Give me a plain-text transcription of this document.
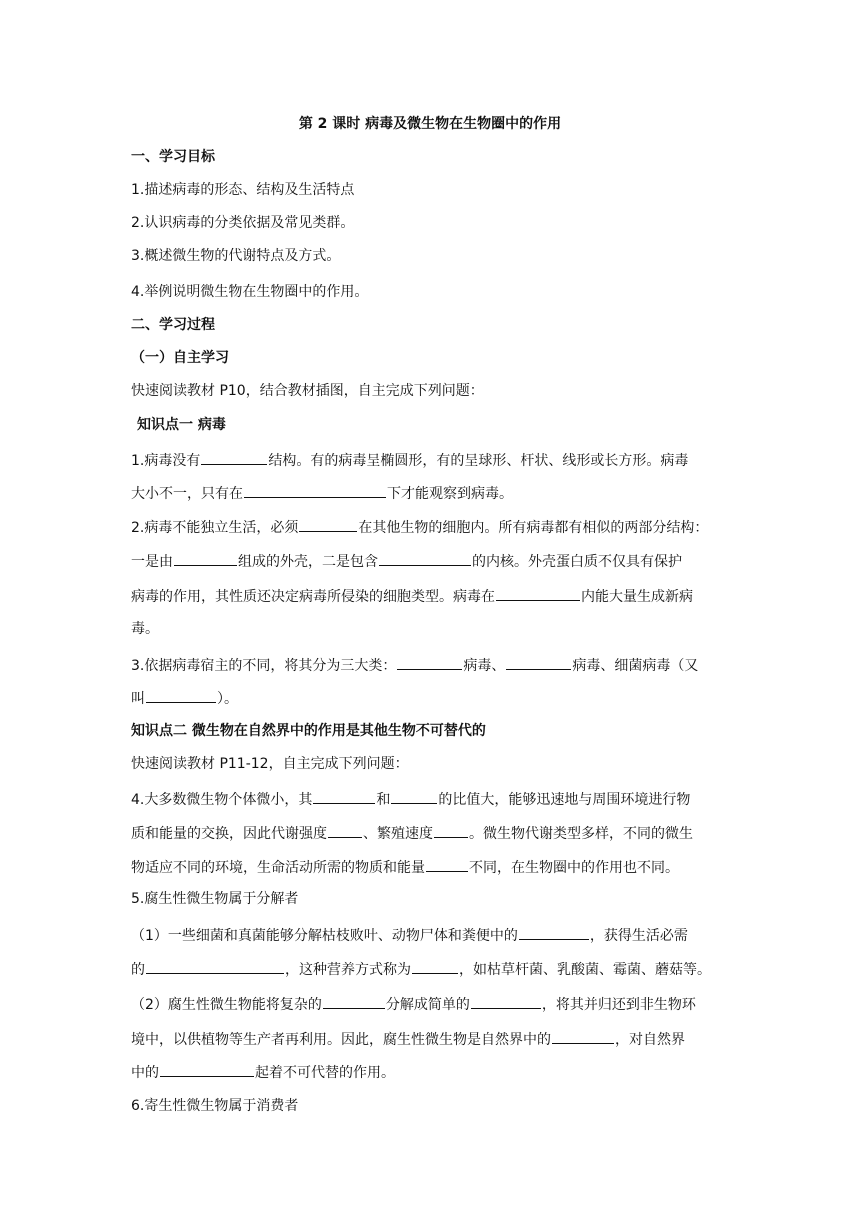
第 2 课时 病毒及微生物在生物圈中的作用
一、学习目标
1.描述病毒的形态、结构及生活特点
2.认识病毒的分类依据及常见类群。
3.概述微生物的代谢特点及方式。
4.举例说明微生物在生物圈中的作用。
二、学习过程
（一）自主学习
快速阅读教材 P10，结合教材插图，自主完成下列问题：
知识点一 病毒
1.病毒没有	结构。有的病毒呈椭圆形，有的呈球形、杆状、线形或长方形。病毒
大小不一，只有在	下才能观察到病毒。
2.病毒不能独立生活，必须	在其他生物的细胞内。所有病毒都有相似的两部分结构：
一是由	组成的外壳，二是包含	的内核。外壳蛋白质不仅具有保护
病毒的作用，其性质还决定病毒所侵染的细胞类型。病毒在	内能大量生成新病
毒。
3.依据病毒宿主的不同，将其分为三大类：	病毒、	病毒、细菌病毒（又
叫	）。
知识点二 微生物在自然界中的作用是其他生物不可替代的
快速阅读教材 P11-12，自主完成下列问题：
4.大多数微生物个体微小，其	和	的比值大，能够迅速地与周围环境进行物
质和能量的交换，因此代谢强度	、繁殖速度	。微生物代谢类型多样，不同的微生
物适应不同的环境，生命活动所需的物质和能量	不同，在生物圈中的作用也不同。
5.腐生性微生物属于分解者
（1）一些细菌和真菌能够分解枯枝败叶、动物尸体和粪便中的	，获得生活必需
的	，这种营养方式称为	，如枯草杆菌、乳酸菌、霉菌、蘑菇等。
（2）腐生性微生物能将复杂的	分解成简单的	，将其并归还到非生物环
境中，以供植物等生产者再利用。因此，腐生性微生物是自然界中的	，对自然界
中的	起着不可代替的作用。
6.寄生性微生物属于消费者
